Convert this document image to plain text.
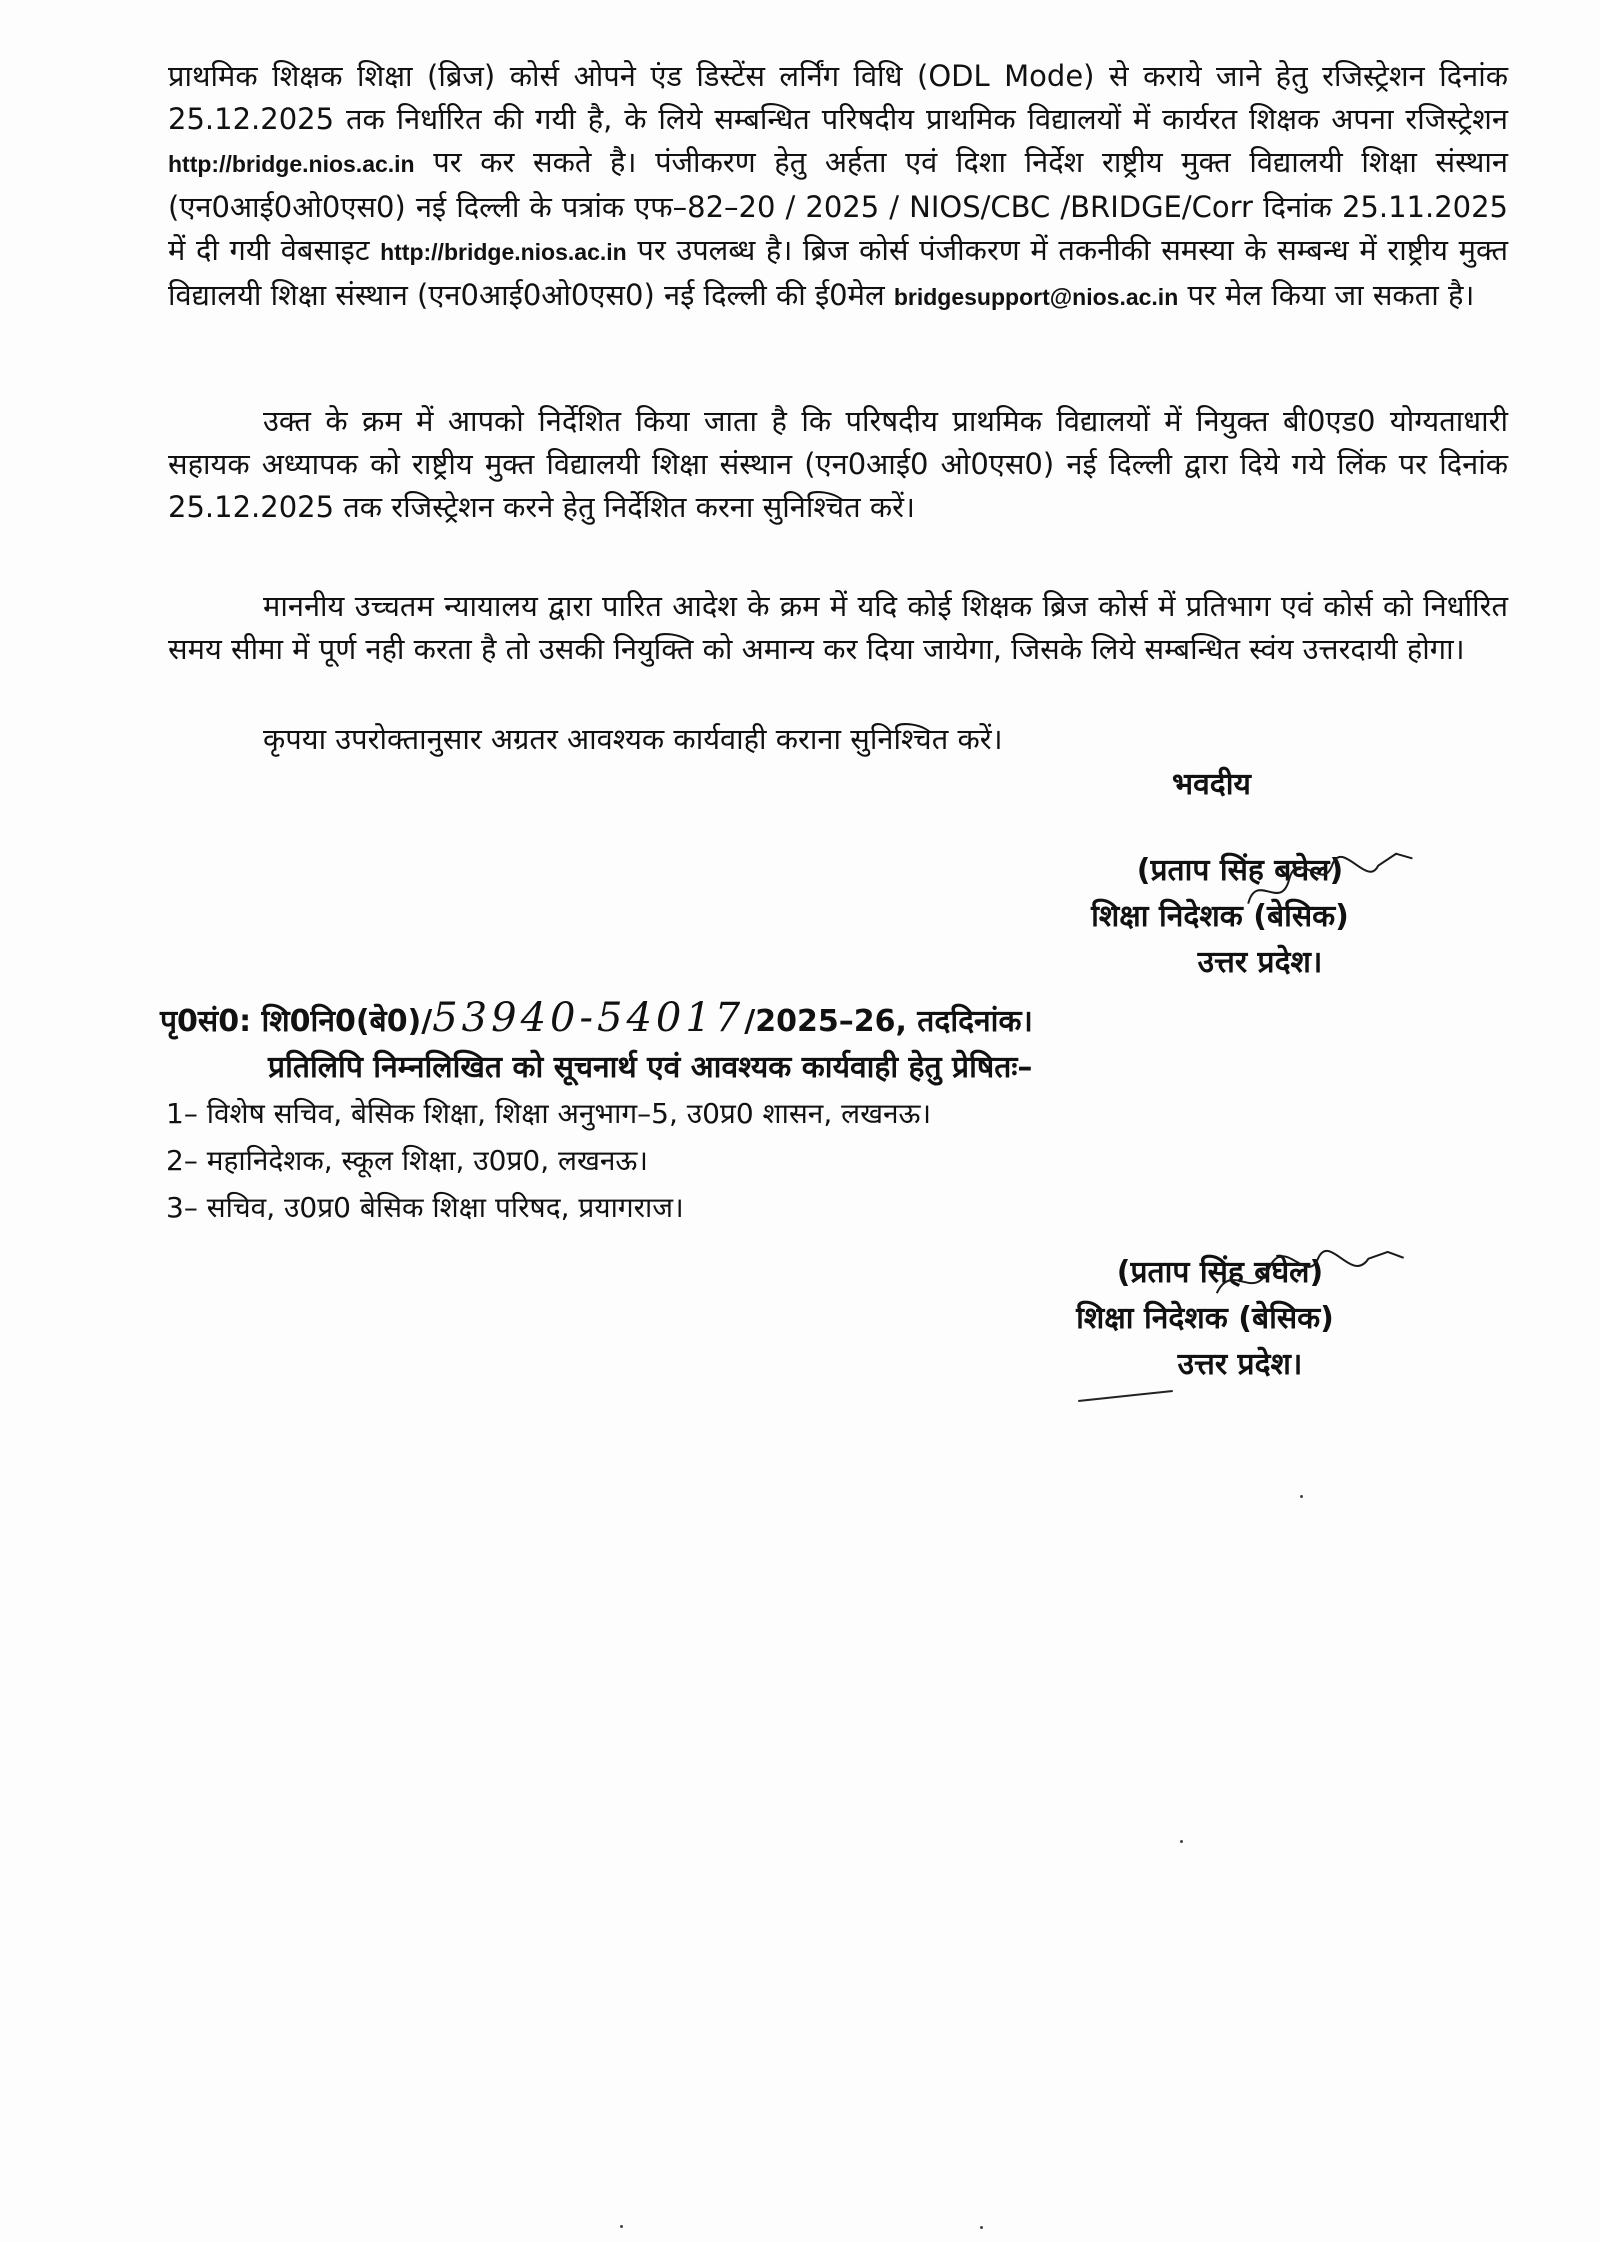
प्राथमिक शिक्षक शिक्षा (ब्रिज) कोर्स ओपने एंड डिस्टेंस लर्निंग विधि (ODL Mode) से कराये जाने हेतु रजिस्ट्रेशन दिनांक 25.12.2025 तक निर्धारित की गयी है, के लिये सम्बन्धित परिषदीय प्राथमिक विद्यालयों में कार्यरत शिक्षक अपना रजिस्ट्रेशन http://bridge.nios.ac.in पर कर सकते है। पंजीकरण हेतु अर्हता एवं दिशा निर्देश राष्ट्रीय मुक्त विद्यालयी शिक्षा संस्थान (एन0आई0ओ0एस0) नई दिल्ली के पत्रांक एफ–82–20 / 2025 / NIOS/CBC /BRIDGE/Corr दिनांक 25.11.2025 में दी गयी वेबसाइट http://bridge.nios.ac.in पर उपलब्ध है। ब्रिज कोर्स पंजीकरण में तकनीकी समस्या के सम्बन्ध में राष्ट्रीय मुक्त विद्यालयी शिक्षा संस्थान (एन0आई0ओ0एस0) नई दिल्ली की ई0मेल bridgesupport@nios.ac.in पर मेल किया जा सकता है।
उक्त के क्रम में आपको निर्देशित किया जाता है कि परिषदीय प्राथमिक विद्यालयों में नियुक्त बी0एड0 योग्यताधारी सहायक अध्यापक को राष्ट्रीय मुक्त विद्यालयी शिक्षा संस्थान (एन0आई0 ओ0एस0) नई दिल्ली द्वारा दिये गये लिंक पर दिनांक 25.12.2025 तक रजिस्ट्रेशन करने हेतु निर्देशित करना सुनिश्चित करें।
माननीय उच्चतम न्यायालय द्वारा पारित आदेश के क्रम में यदि कोई शिक्षक ब्रिज कोर्स में प्रतिभाग एवं कोर्स को निर्धारित समय सीमा में पूर्ण नही करता है तो उसकी नियुक्ति को अमान्य कर दिया जायेगा, जिसके लिये सम्बन्धित स्वंय उत्तरदायी होगा।
कृपया उपरोक्तानुसार अग्रतर आवश्यक कार्यवाही कराना सुनिश्चित करें।
भवदीय
(प्रताप सिंह बघेल)
शिक्षा निदेशक (बेसिक)
उत्तर प्रदेश।
पृ0सं0: शि0नि0(बे0)/53940-54017/2025–26, तददिनांक।
प्रतिलिपि निम्नलिखित को सूचनार्थ एवं आवश्यक कार्यवाही हेतु प्रेषितः–
1– विशेष सचिव, बेसिक शिक्षा, शिक्षा अनुभाग–5, उ0प्र0 शासन, लखनऊ।
2– महानिदेशक, स्कूल शिक्षा, उ0प्र0, लखनऊ।
3– सचिव, उ0प्र0 बेसिक शिक्षा परिषद, प्रयागराज।
(प्रताप सिंह बघेल)
शिक्षा निदेशक (बेसिक)
उत्तर प्रदेश।
